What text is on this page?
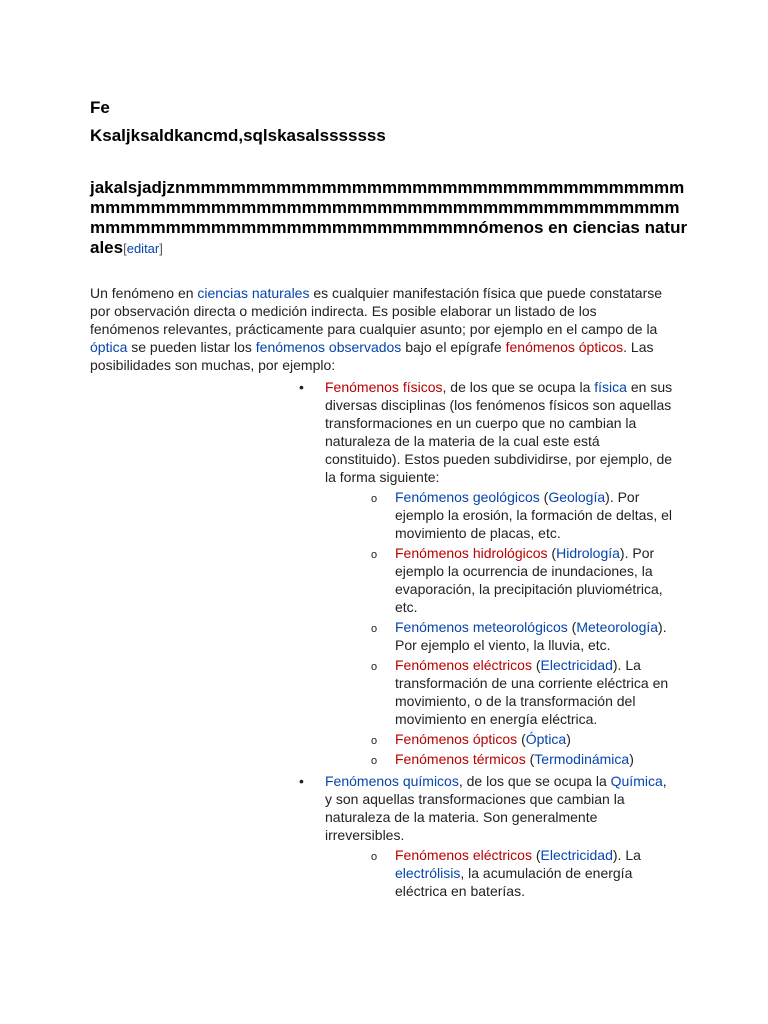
Fe
Ksaljksaldkancmd,sqlskasalsssssss
jakalsjadjznmmmmmmmmmmmmmmmmmmmmmmmmmmmmmmmmmmmmmmmmmmmmmmmmmmmmmmmmmmmmmmmmmmmmmmmmmmmmmmmmmmmmmmmmmmmmmmmmmnómenos en ciencias naturales[editar]

Un fenómeno en ciencias naturales es cualquier manifestación física que puede constatarse por observación directa o medición indirecta. Es posible elaborar un listado de los fenómenos relevantes, prácticamente para cualquier asunto; por ejemplo en el campo de la óptica se pueden listar los fenómenos observados bajo el epígrafe fenómenos ópticos. Las posibilidades son muchas, por ejemplo:

• Fenómenos físicos, de los que se ocupa la física en sus diversas disciplinas (los fenómenos físicos son aquellas transformaciones en un cuerpo que no cambian la naturaleza de la materia de la cual este está constituido). Estos pueden subdividirse, por ejemplo, de la forma siguiente:
o Fenómenos geológicos (Geología). Por ejemplo la erosión, la formación de deltas, el movimiento de placas, etc.
o Fenómenos hidrológicos (Hidrología). Por ejemplo la ocurrencia de inundaciones, la evaporación, la precipitación pluviométrica, etc.
o Fenómenos meteorológicos (Meteorología). Por ejemplo el viento, la lluvia, etc.
o Fenómenos eléctricos (Electricidad). La transformación de una corriente eléctrica en movimiento, o de la transformación del movimiento en energía eléctrica.
o Fenómenos ópticos (Óptica)
o Fenómenos térmicos (Termodinámica)
• Fenómenos químicos, de los que se ocupa la Química, y son aquellas transformaciones que cambian la naturaleza de la materia. Son generalmente irreversibles.
o Fenómenos eléctricos (Electricidad). La electrólisis, la acumulación de energía eléctrica en baterías.
